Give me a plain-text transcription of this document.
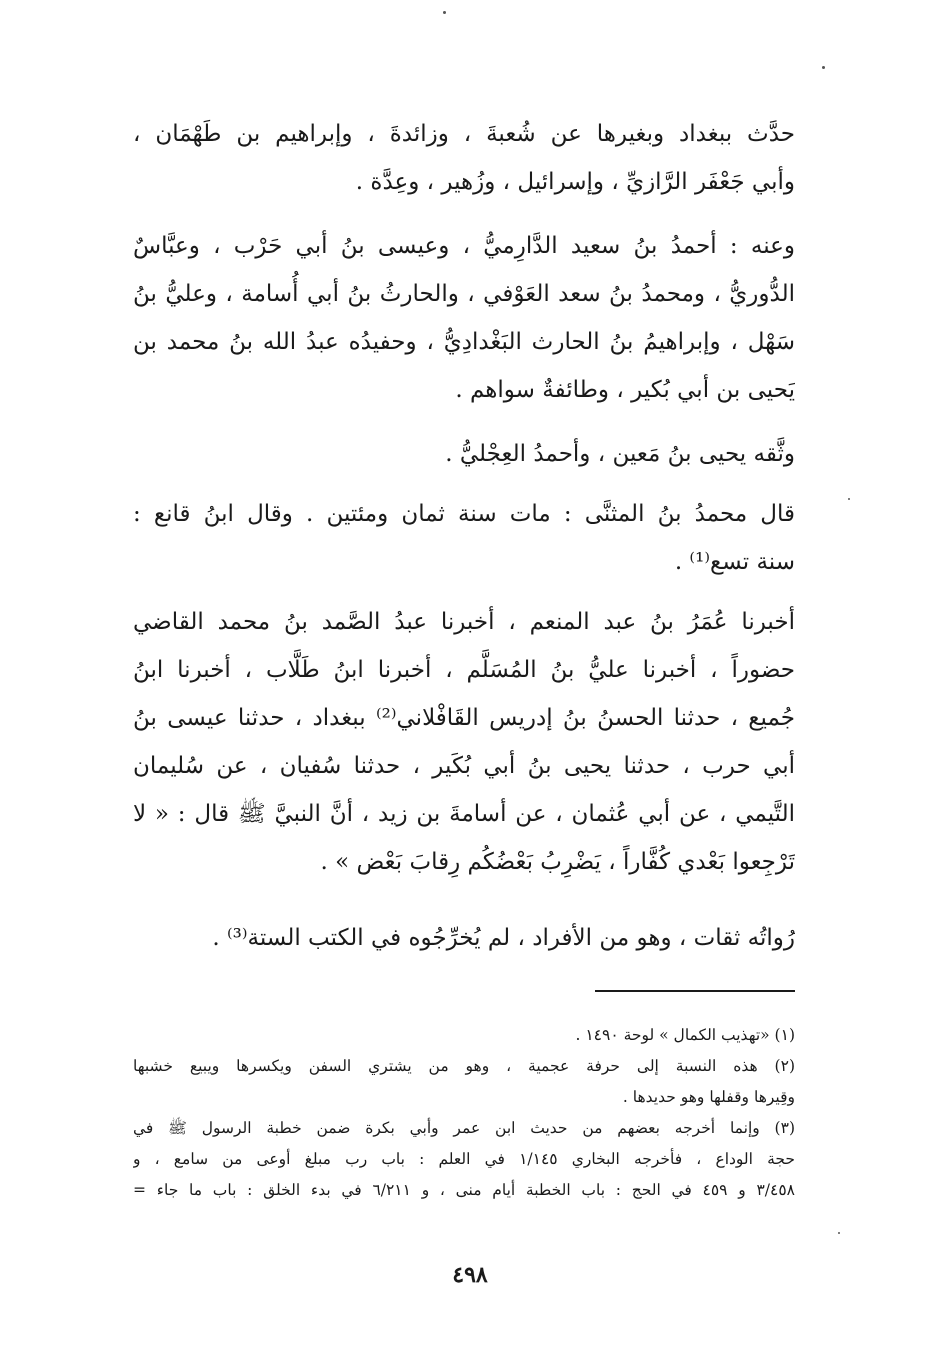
حدَّث ببغداد وبغيرها عن شُعبةَ ، وزائدةَ ، وإبراهيم بن طَهْمَان ،
وأبي جَعْفَر الرَّازيِّ ، وإسرائيل ، وزُهير ، وعِدَّة .
وعنه : أحمدُ بنُ سعيد الدَّارِميُّ ، وعيسى بنُ أبي حَرْب ، وعبَّاسٌ
الدُّوريُّ ، ومحمدُ بنُ سعد العَوْفي ، والحارثُ بنُ أبي أُسامة ، وعليُّ بنُ
سَهْل ، وإبراهيمُ بنُ الحارث البَغْدادِيُّ ، وحفيدُه عبدُ الله بنُ محمد بن
يَحيى بن أبي بُكير ، وطائفةٌ سواهم .
وثَّقه يحيى بنُ مَعين ، وأحمدُ العِجْليُّ .
قال محمدُ بنُ المثنَّى : مات سنة ثمان ومئتين . وقال ابنُ قانع :
سنة تسع⁽¹⁾ .
أخبرنا عُمَرُ بنُ عبد المنعم ، أخبرنا عبدُ الصَّمد بنُ محمد القاضي
حضوراً ، أخبرنا عليُّ بنُ المُسَلَّم ، أخبرنا ابنُ طَلَّاب ، أخبرنا ابنُ
جُميع ، حدثنا الحسنُ بنُ إدريس القَافْلاني⁽²⁾ ببغداد ، حدثنا عيسى بنُ
أبي حرب ، حدثنا يحيى بنُ أبي بُكَير ، حدثنا سُفيان ، عن سُليمان
التَّيمي ، عن أبي عُثمان ، عن أسامةَ بن زيد ، أنَّ النبيَّ ﷺ قال : « لا
تَرْجِعوا بَعْدي كُفَّاراً ، يَضْرِبُ بَعْضُكُم رِقابَ بَعْض » .
رُواتُه ثقات ، وهو من الأفراد ، لم يُخرِّجُوه في الكتب الستة⁽³⁾ .
(١) «تهذيب الكمال » لوحة ١٤٩٠ .
(٢) هذه النسبة إلى حرفة عجمية ، وهو من يشتري السفن ويكسرها ويبيع خشبها
وقِيرها وقفلها وهو حديدها .
(٣) وإنما أخرجه بعضهم من حديث ابن عمر وأبي بكرة ضمن خطبة الرسول ﷺ في
حجة الوداع ، فأخرجه البخاري ١/١٤٥ في العلم : باب رب مبلغ أوعى من سامع ، و
٣/٤٥٨ و ٤٥٩ في الحج : باب الخطبة أيام منى ، و ٦/٢١١ في بدء الخلق : باب ما جاء =
٤٩٨
